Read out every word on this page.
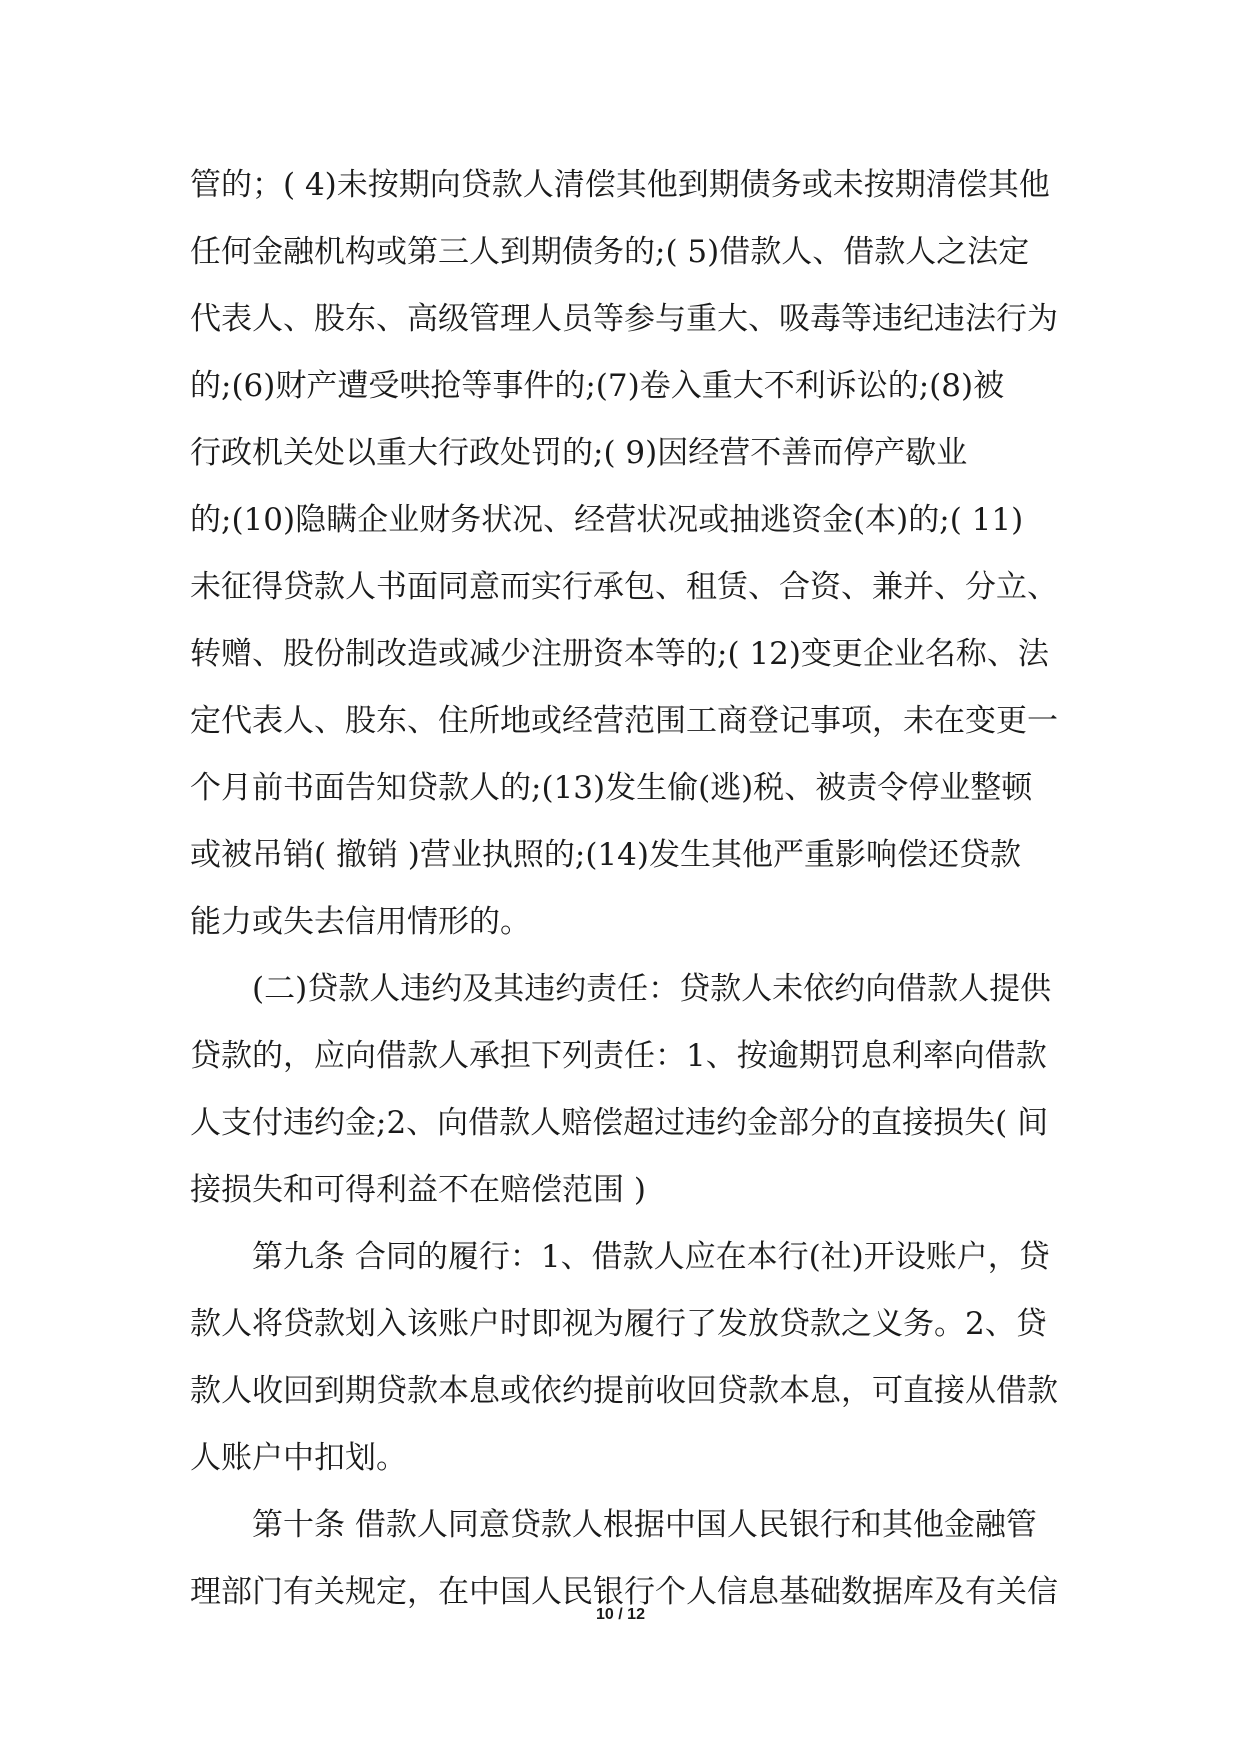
管的；( 4)未按期向贷款人清偿其他到期债务或未按期清偿其他
任何金融机构或第三人到期债务的;( 5)借款人、借款人之法定
代表人、股东、高级管理人员等参与重大、吸毒等违纪违法行为
的;(6)财产遭受哄抢等事件的;(7)卷入重大不利诉讼的;(8)被
行政机关处以重大行政处罚的;( 9)因经营不善而停产歇业
的;(10)隐瞒企业财务状况、经营状况或抽逃资金(本)的;( 11)
未征得贷款人书面同意而实行承包、租赁、合资、兼并、分立、
转赠、股份制改造或减少注册资本等的;( 12)变更企业名称、法
定代表人、股东、住所地或经营范围工商登记事项，未在变更一
个月前书面告知贷款人的;(13)发生偷(逃)税、被责令停业整顿
或被吊销( 撤销 )营业执照的;(14)发生其他严重影响偿还贷款
能力或失去信用情形的。
(二)贷款人违约及其违约责任：贷款人未依约向借款人提供
贷款的，应向借款人承担下列责任：1、按逾期罚息利率向借款
人支付违约金;2、向借款人赔偿超过违约金部分的直接损失( 间
接损失和可得利益不在赔偿范围 )
第九条 合同的履行：1、借款人应在本行(社)开设账户，贷
款人将贷款划入该账户时即视为履行了发放贷款之义务。2、贷
款人收回到期贷款本息或依约提前收回贷款本息，可直接从借款
人账户中扣划。
第十条 借款人同意贷款人根据中国人民银行和其他金融管
理部门有关规定，在中国人民银行个人信息基础数据库及有关信
10 / 12
